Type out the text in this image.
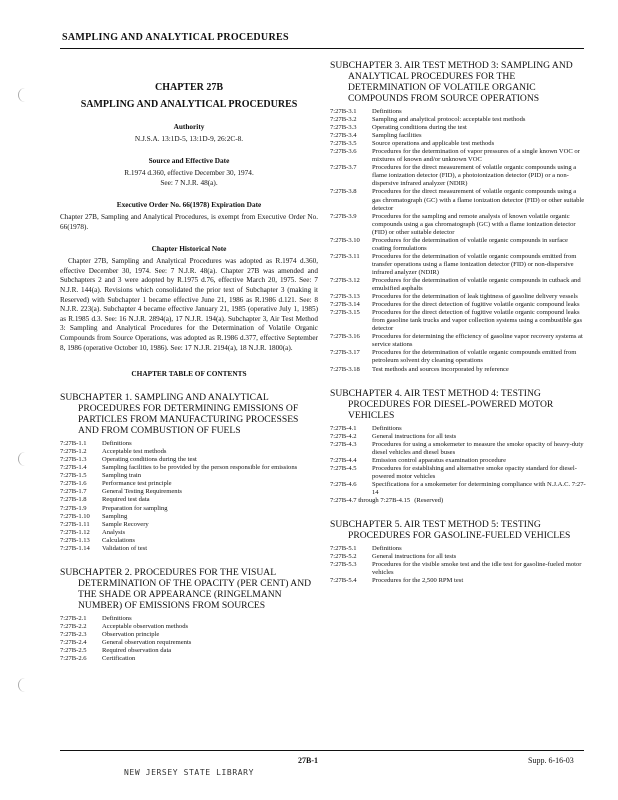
SAMPLING AND ANALYTICAL PROCEDURES
CHAPTER 27B
SAMPLING AND ANALYTICAL PROCEDURES
Authority
N.J.S.A. 13:1D-5, 13:1D-9, 26:2C-8.
Source and Effective Date
R.1974 d.360, effective December 30, 1974.
See: 7 N.J.R. 48(a).
Executive Order No. 66(1978) Expiration Date
Chapter 27B, Sampling and Analytical Procedures, is exempt from Executive Order No. 66(1978).
Chapter Historical Note
Chapter 27B, Sampling and Analytical Procedures was adopted as R.1974 d.360, effective December 30, 1974. See: 7 N.J.R. 48(a). Chapter 27B was amended and Subchapters 2 and 3 were adopted by R.1975 d.76, effective March 20, 1975. See: 7 N.J.R. 144(a). Revisions which consolidated the prior text of Subchapter 3 (making it Reserved) with Subchapter 1 became effective June 21, 1986 as R.1986 d.121. See: 8 N.J.R. 223(a). Subchapter 4 became effective January 21, 1985 (operative July 1, 1985) as R.1985 d.3. See: 16 N.J.R. 2894(a), 17 N.J.R. 194(a). Subchapter 3, Air Test Method 3: Sampling and Analytical Procedures for the Determination of Volatile Organic Compounds from Source Operations, was adopted as R.1986 d.377, effective September 8, 1986 (operative October 10, 1986). See: 17 N.J.R. 2194(a), 18 N.J.R. 1800(a).
CHAPTER TABLE OF CONTENTS
SUBCHAPTER 1. SAMPLING AND ANALYTICAL PROCEDURES FOR DETERMINING EMISSIONS OF PARTICLES FROM MANUFACTURING PROCESSES AND FROM COMBUSTION OF FUELS
7:27B-1.1	Definitions
7:27B-1.2	Acceptable test methods
7:27B-1.3	Operating conditions during the test
7:27B-1.4	Sampling facilities to be provided by the person responsible for emissions
7:27B-1.5	Sampling train
7:27B-1.6	Performance test principle
7:27B-1.7	General Testing Requirements
7:27B-1.8	Required test data
7:27B-1.9	Preparation for sampling
7:27B-1.10	Sampling
7:27B-1.11	Sample Recovery
7:27B-1.12	Analysis
7:27B-1.13	Calculations
7:27B-1.14	Validation of test
SUBCHAPTER 2. PROCEDURES FOR THE VISUAL DETERMINATION OF THE OPACITY (PER CENT) AND THE SHADE OR APPEARANCE (RINGELMANN NUMBER) OF EMISSIONS FROM SOURCES
7:27B-2.1	Definitions
7:27B-2.2	Acceptable observation methods
7:27B-2.3	Observation principle
7:27B-2.4	General observation requirements
7:27B-2.5	Required observation data
7:27B-2.6	Certification
SUBCHAPTER 3. AIR TEST METHOD 3: SAMPLING AND ANALYTICAL PROCEDURES FOR THE DETERMINATION OF VOLATILE ORGANIC COMPOUNDS FROM SOURCE OPERATIONS
7:27B-3.1	Definitions
7:27B-3.2	Sampling and analytical protocol: acceptable test methods
7:27B-3.3	Operating conditions during the test
7:27B-3.4	Sampling facilities
7:27B-3.5	Source operations and applicable test methods
7:27B-3.6	Procedures for the determination of vapor pressures of a single known VOC or mixtures of known and/or unknown VOC
7:27B-3.7	Procedures for the direct measurement of volatile organic compounds using a flame ionization detector (FID), a photoionization detector (PID) or a non-dispersive infrared analyzer (NDIR)
7:27B-3.8	Procedures for the direct measurement of volatile organic compounds using a gas chromatograph (GC) with a flame ionization detector (FID) or other suitable detector
7:27B-3.9	Procedures for the sampling and remote analysis of known volatile organic compounds using a gas chromatograph (GC) with a flame ionization detector (FID) or other suitable detector
7:27B-3.10	Procedures for the determination of volatile organic compounds in surface coating formulations
7:27B-3.11	Procedures for the determination of volatile organic compounds emitted from transfer operations using a flame ionization detector (FID) or non-dispersive infrared analyzer (NDIR)
7:27B-3.12	Procedures for the determination of volatile organic compounds in cutback and emulsified asphalts
7:27B-3.13	Procedures for the determination of leak tightness of gasoline delivery vessels
7:27B-3.14	Procedures for the direct detection of fugitive volatile organic compound leaks
7:27B-3.15	Procedures for the direct detection of fugitive volatile organic compound leaks from gasoline tank trucks and vapor collection systems using a combustible gas detector
7:27B-3.16	Procedures for determining the efficiency of gasoline vapor recovery systems at service stations
7:27B-3.17	Procedures for the determination of volatile organic compounds emitted from petroleum solvent dry cleaning operations
7:27B-3.18	Test methods and sources incorporated by reference
SUBCHAPTER 4. AIR TEST METHOD 4: TESTING PROCEDURES FOR DIESEL-POWERED MOTOR VEHICLES
7:27B-4.1	Definitions
7:27B-4.2	General instructions for all tests
7:27B-4.3	Procedures for using a smokemeter to measure the smoke opacity of heavy-duty diesel vehicles and diesel buses
7:27B-4.4	Emission control apparatus examination procedure
7:27B-4.5	Procedures for establishing and alternative smoke opacity standard for diesel-powered motor vehicles
7:27B-4.6	Specifications for a smokemeter for determining compliance with N.J.A.C. 7:27-14
7:27B-4.7 through 7:27B-4.15 (Reserved)
SUBCHAPTER 5. AIR TEST METHOD 5: TESTING PROCEDURES FOR GASOLINE-FUELED VEHICLES
7:27B-5.1	Definitions
7:27B-5.2	General instructions for all tests
7:27B-5.3	Procedures for the visible smoke test and the idle test for gasoline-fueled motor vehicles
7:27B-5.4	Procedures for the 2,500 RPM test
27B-1	Supp. 6-16-03
NEW JERSEY STATE LIBRARY
